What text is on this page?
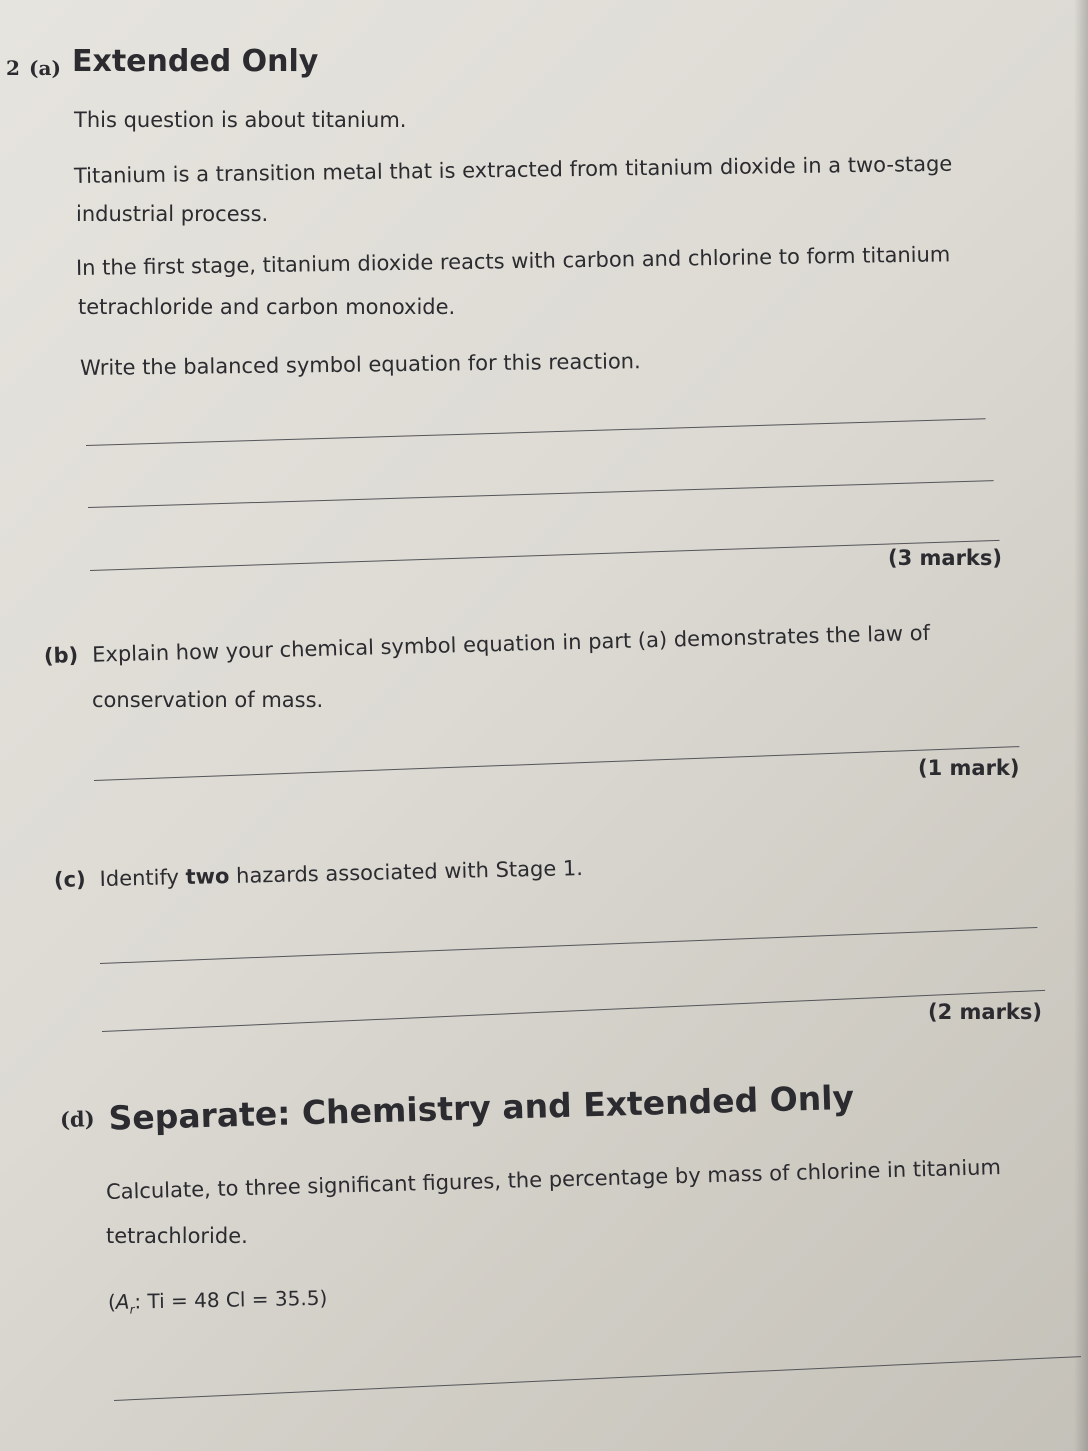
2 (a) Extended Only
This question is about titanium.
Titanium is a transition metal that is extracted from titanium dioxide in a two-stage
industrial process.
In the first stage, titanium dioxide reacts with carbon and chlorine to form titanium
tetrachloride and carbon monoxide.
Write the balanced symbol equation for this reaction.
(3 marks)
(b) Explain how your chemical symbol equation in part (a) demonstrates the law of
conservation of mass.
(1 mark)
(c) Identify two hazards associated with Stage 1.
(2 marks)
(d) Separate: Chemistry and Extended Only
Calculate, to three significant figures, the percentage by mass of chlorine in titanium
tetrachloride.
($A_r$: Ti = 48 Cl = 35.5)
